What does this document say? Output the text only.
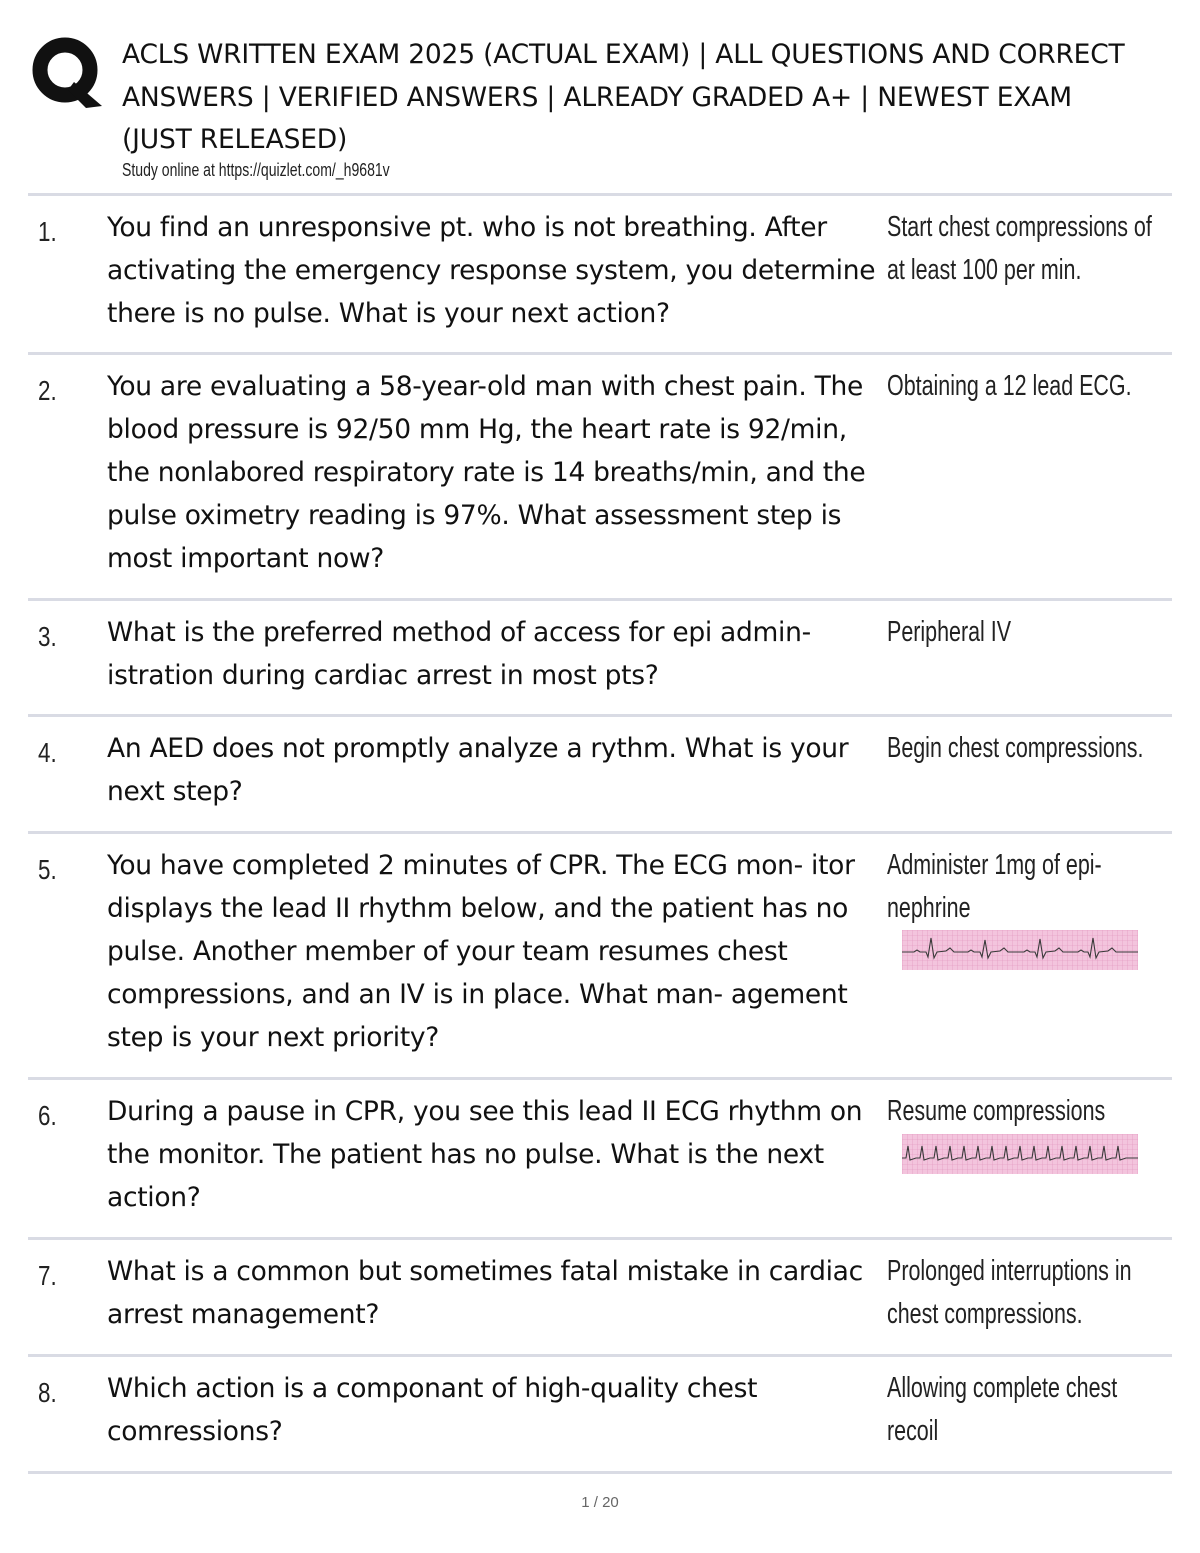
ACLS WRITTEN EXAM 2025 (ACTUAL EXAM) | ALL QUESTIONS AND CORRECT
ANSWERS | VERIFIED ANSWERS | ALREADY GRADED A+ | NEWEST EXAM
(JUST RELEASED)
Study online at https://quizlet.com/_h9681v
1. You find an unresponsive pt. who is not breathing. After activating the emergency response system, you determine there is no pulse. What is your next action?
Start chest compressions of at least 100 per min.
2. You are evaluating a 58-year-old man with chest pain. The blood pressure is 92/50 mm Hg, the heart rate is 92/min, the nonlabored respiratory rate is 14 breaths/min, and the pulse oximetry reading is 97%. What assessment step is most important now?
Obtaining a 12 lead ECG.
3. What is the preferred method of access for epi admin- istration during cardiac arrest in most pts?
Peripheral IV
4. An AED does not promptly analyze a rythm. What is your next step?
Begin chest compressions.
5. You have completed 2 minutes of CPR. The ECG mon- itor displays the lead II rhythm below, and the patient has no pulse. Another member of your team resumes chest compressions, and an IV is in place. What man- agement step is your next priority?
Administer 1mg of epi- nephrine
6. During a pause in CPR, you see this lead II ECG rhythm on the monitor. The patient has no pulse. What is the next action?
Resume compressions
7. What is a common but sometimes fatal mistake in cardiac arrest management?
Prolonged interruptions in chest compressions.
8. Which action is a componant of high-quality chest comressions?
Allowing complete chest recoil
1 / 20
